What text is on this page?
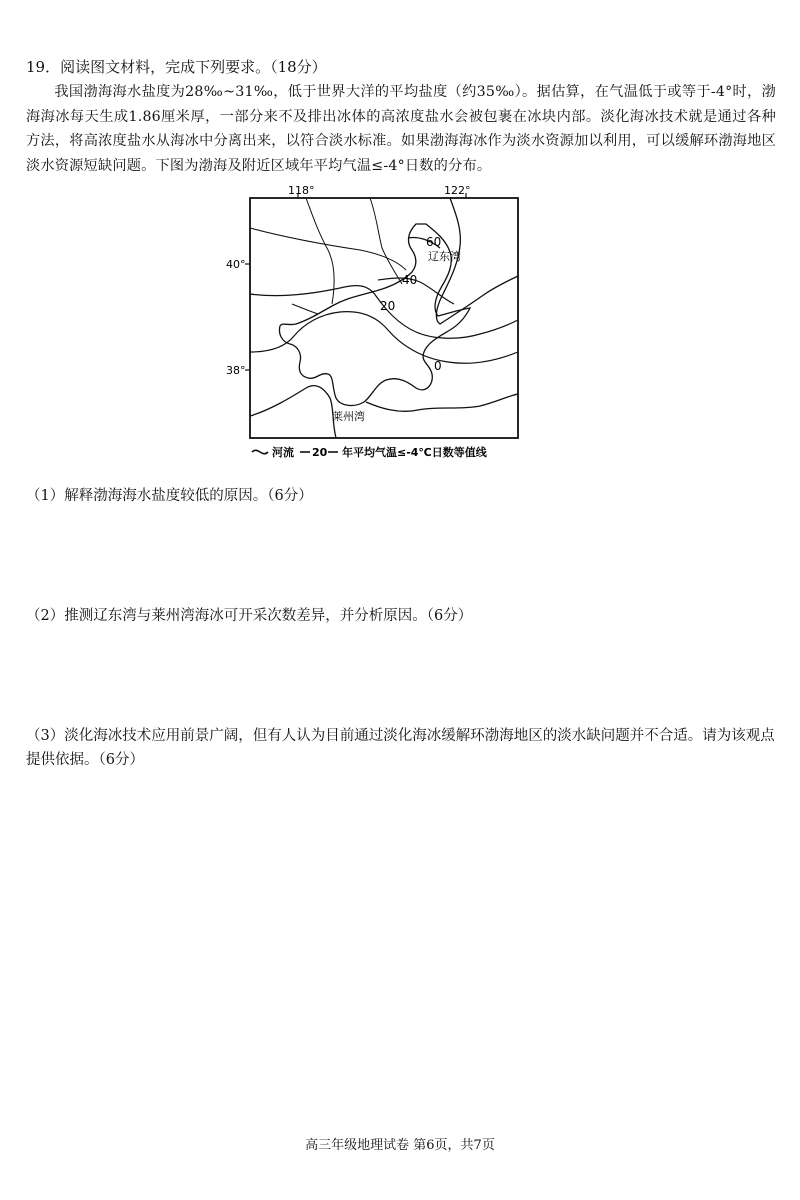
19．阅读图文材料，完成下列要求。（18分）
我国渤海海水盐度为28‰~31‰，低于世界大洋的平均盐度（约35‰）。据估算，在气温低于或等于-4°时，渤海海冰每天生成1.86厘米厚，一部分来不及排出冰体的高浓度盐水会被包裹在冰块内部。淡化海冰技术就是通过各种方法，将高浓度盐水从海冰中分离出来，以符合淡水标准。如果渤海海冰作为淡水资源加以利用，可以缓解环渤海地区淡水资源短缺问题。下图为渤海及附近区域年平均气温≤-4°日数的分布。
118°	122°
40°
38°
60
40
20
0
辽东湾
莱州湾
河流 20 年平均气温≤-4℃日数等值线
（1）解释渤海海水盐度较低的原因。（6分）
（2）推测辽东湾与莱州湾海冰可开采次数差异，并分析原因。（6分）
（3）淡化海冰技术应用前景广阔，但有人认为目前通过淡化海冰缓解环渤海地区的淡水缺问题并不合适。请为该观点提供依据。（6分）
高三年级地理试卷 第6页，共7页
